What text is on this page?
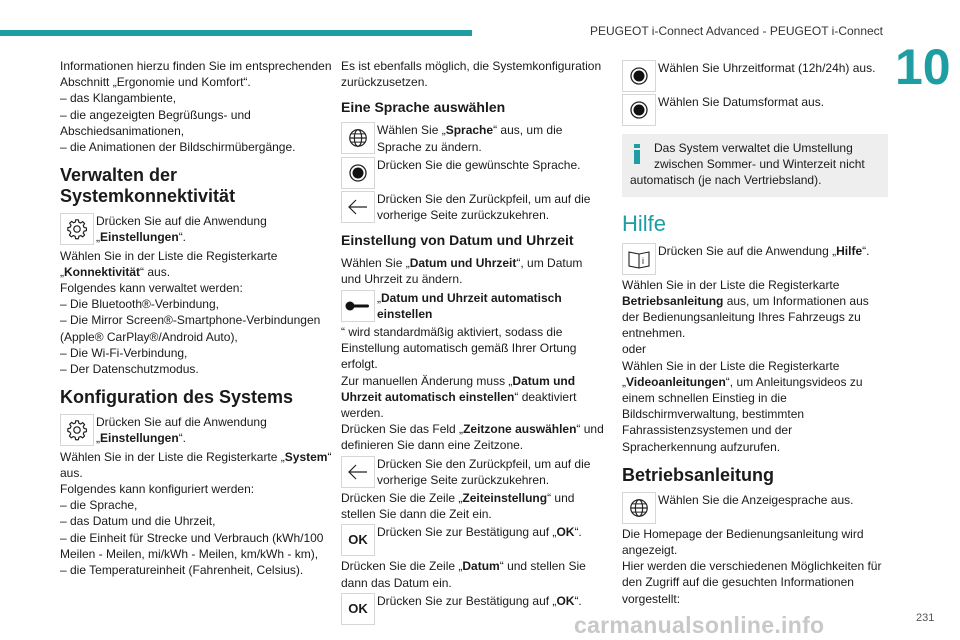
PEUGEOT i-Connect Advanced - PEUGEOT i-Connect
10

Informationen hierzu finden Sie im entsprechenden Abschnitt „Ergonomie und Komfort“.

– das Klangambiente,

– die angezeigten Begrüßungs- und Abschiedsanimationen,

– die Animationen der Bildschirmübergänge.

Verwalten der Systemkonnektivität
Drücken Sie auf die Anwendung „Einstellungen“.

Wählen Sie in der Liste die Registerkarte „Konnektivität“ aus.

Folgendes kann verwaltet werden:

– Die Bluetooth®-Verbindung,

– Die Mirror Screen®-Smartphone-Verbindungen (Apple® CarPlay®/Android Auto),

– Die Wi-Fi-Verbindung,

– Der Datenschutzmodus.

Konfiguration des Systems
Drücken Sie auf die Anwendung „Einstellungen“.

Wählen Sie in der Liste die Registerkarte „System“ aus.

Folgendes kann konfiguriert werden:

– die Sprache,

– das Datum und die Uhrzeit,

– die Einheit für Strecke und Verbrauch (kWh/100 Meilen - Meilen, mi/kWh - Meilen, km/kWh - km),

– die Temperatureinheit (Fahrenheit, Celsius).

Es ist ebenfalls möglich, die Systemkonfiguration zurückzusetzen.

Eine Sprache auswählen
Wählen Sie „Sprache“ aus, um die Sprache zu ändern.
Drücken Sie die gewünschte Sprache.
Drücken Sie den Zurückpfeil, um auf die vorherige Seite zurückzukehren.
Einstellung von Datum und Uhrzeit

Wählen Sie „Datum und Uhrzeit“, um Datum und Uhrzeit zu ändern.

„Datum und Uhrzeit automatisch einstellen

“ wird standardmäßig aktiviert, sodass die Einstellung automatisch gemäß Ihrer Ortung erfolgt.

Zur manuellen Änderung muss „Datum und Uhrzeit automatisch einstellen“ deaktiviert werden.

Drücken Sie das Feld „Zeitzone auswählen“ und definieren Sie dann eine Zeitzone.

Drücken Sie den Zurückpfeil, um auf die vorherige Seite zurückzukehren.

Drücken Sie die Zeile „Zeiteinstellung“ und stellen Sie dann die Zeit ein.

OK Drücken Sie zur Bestätigung auf „OK“.

Drücken Sie die Zeile „Datum“ und stellen Sie dann das Datum ein.

OK Drücken Sie zur Bestätigung auf „OK“.
Wählen Sie Uhrzeitformat (12h/24h) aus.
Wählen Sie Datumsformat aus.

Das System verwaltet die Umstellung zwischen Sommer- und Winterzeit nicht

automatisch (je nach Vertriebsland).

Hilfe
i
Drücken Sie auf die Anwendung „Hilfe“.

Wählen Sie in der Liste die Registerkarte Betriebsanleitung aus, um Informationen aus der Bedienungsanleitung Ihres Fahrzeugs zu entnehmen.

oder

Wählen Sie in der Liste die Registerkarte „Videoanleitungen“, um Anleitungsvideos zu einem schnellen Einstieg in die Bildschirmverwaltung, bestimmten Fahrassistenzsystemen und der Spracherkennung aufzurufen.

Betriebsanleitung
Wählen Sie die Anzeigesprache aus.

Die Homepage der Bedienungsanleitung wird angezeigt.

Hier werden die verschiedenen Möglichkeiten für den Zugriff auf die gesuchten Informationen vorgestellt:

carmanualsonline.info	231
